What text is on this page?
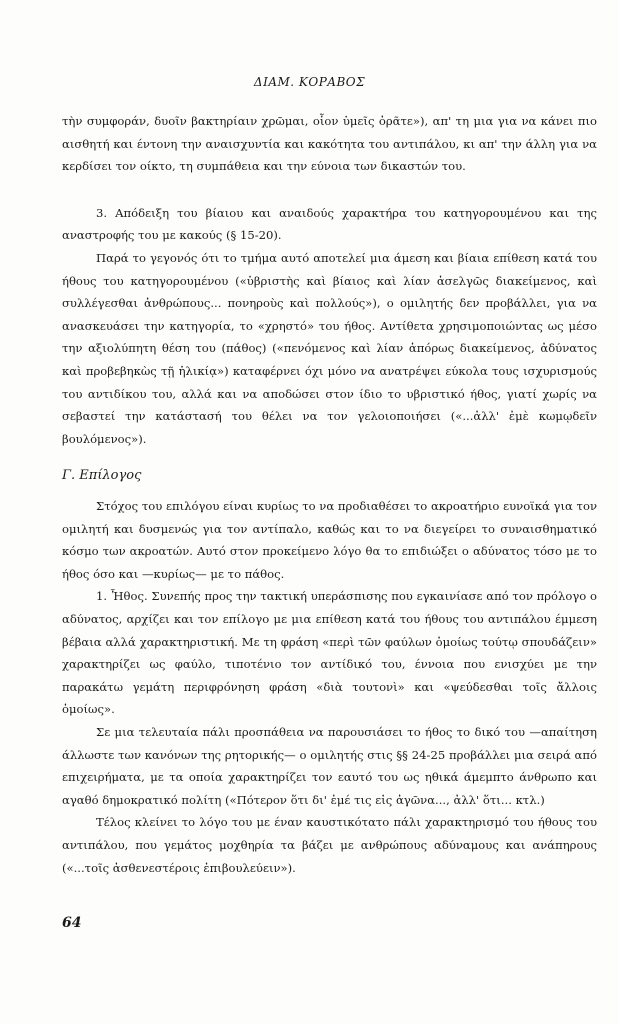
ΔΙΑΜ. ΚΟΡΑΒΟΣ

τὴν συμφοράν, δυοῖν βακτηρίαιν χρῶμαι, οἷον ὑμεῖς ὁρᾶτε»), απ' τη μια για να κάνει πιο αισθητή και έντονη την αναισχυντία και κακότητα του αντιπάλου, κι απ' την άλλη για να κερδίσει τον οίκτο, τη συμπάθεια και την εύνοια των δικαστών του.

3. Απόδειξη του βίαιου και αναιδούς χαρακτήρα του κατηγορουμένου και της αναστροφής του με κακούς (§ 15-20).

Παρά το γεγονός ότι το τμήμα αυτό αποτελεί μια άμεση και βίαια επίθεση κατά του ήθους του κατηγορουμένου («ὑβριστὴς καὶ βίαιος καὶ λίαν ἀσελγῶς διακείμενος, καὶ συλλέγεσθαι ἀνθρώπους... πονηροὺς καὶ πολλούς»), ο ομιλητής δεν προβάλλει, για να ανασκευάσει την κατηγορία, το «χρηστό» του ήθος. Αντίθετα χρησιμοποιώντας ως μέσο την αξιολύπητη θέση του (πάθος) («πενόμενος καὶ λίαν ἀπόρως διακείμενος, ἀδύνατος καὶ προβεβηκὼς τῇ ἡλικίᾳ») καταφέρνει όχι μόνο να ανατρέψει εύκολα τους ισχυρισμούς του αντιδίκου του, αλλά και να αποδώσει στον ίδιο το υβριστικό ήθος, γιατί χωρίς να σεβαστεί την κατάστασή του θέλει να τον γελοιοποιήσει («...ἀλλ' ἐμὲ κωμῳδεῖν βουλόμενος»).

Γ. Επίλογος

Στόχος του επιλόγου είναι κυρίως το να προδιαθέσει το ακροατήριο ευνοϊκά για τον ομιλητή και δυσμενώς για τον αντίπαλο, καθώς και το να διεγείρει το συναισθηματικό κόσμο των ακροατών. Αυτό στον προκείμενο λόγο θα το επιδιώξει ο αδύνατος τόσο με το ήθος όσο και —κυρίως— με το πάθος.

1. Ἦθος. Συνεπής προς την τακτική υπεράσπισης που εγκαινίασε από τον πρόλογο ο αδύνατος, αρχίζει και τον επίλογο με μια επίθεση κατά του ήθους του αντιπάλου έμμεση βέβαια αλλά χαρακτηριστική. Με τη φράση «περὶ τῶν φαύλων ὁμοίως τούτῳ σπουδάζειν» χαρακτηρίζει ως φαύλο, τιποτένιο τον αντίδικό του, έννοια που ενισχύει με την παρακάτω γεμάτη περιφρόνηση φράση «διὰ τουτονὶ» και «ψεύδεσθαι τοῖς ἄλλοις ὁμοίως».

Σε μια τελευταία πάλι προσπάθεια να παρουσιάσει το ήθος το δικό του —απαίτηση άλλωστε των κανόνων της ρητορικής— ο ομιλητής στις §§ 24-25 προβάλλει μια σειρά από επιχειρήματα, με τα οποία χαρακτηρίζει τον εαυτό του ως ηθικά άμεμπτο άνθρωπο και αγαθό δημοκρατικό πολίτη («Πότερον ὅτι δι' ἐμέ τις εἰς ἀγῶνα..., ἀλλ' ὅτι... κτλ.)

Τέλος κλείνει το λόγο του με έναν καυστικότατο πάλι χαρακτηρισμό του ήθους του αντιπάλου, που γεμάτος μοχθηρία τα βάζει με ανθρώπους αδύναμους και ανάπηρους («...τοῖς ἀσθενεστέροις ἐπιβουλεύειν»).

64
